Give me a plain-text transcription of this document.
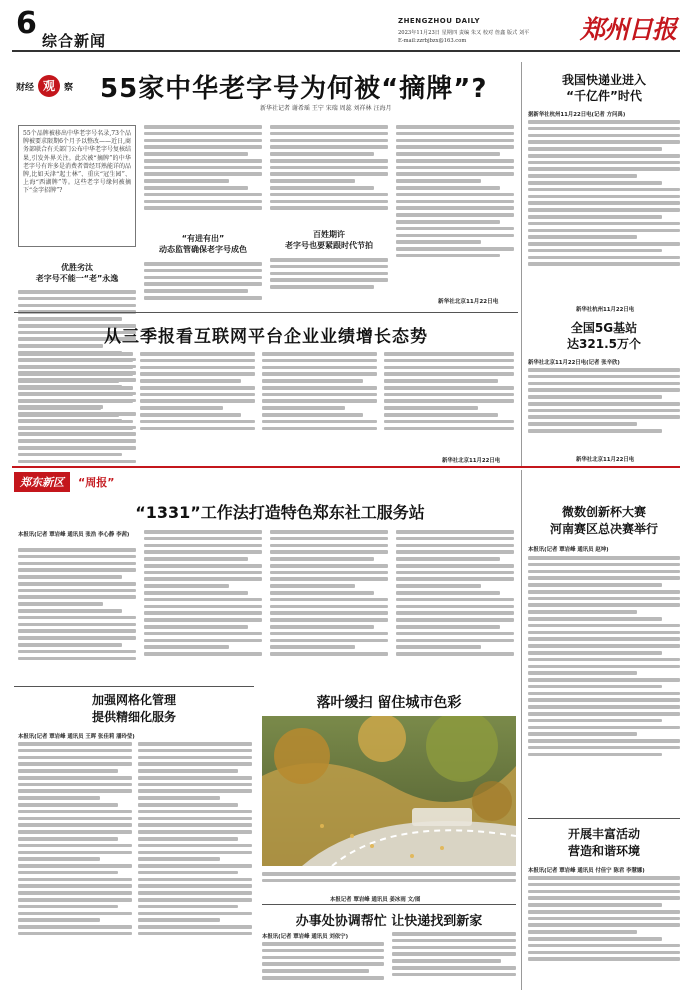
6 综合新闻
ZHENGZHOU DAILY	郑州日报
2023年11月23日 星期四 责编 朱又 校对 詹鑫 版式 刘平
E-mail:zzrbjbzx@163.com
财经 观	察 55家中华老字号为何被“摘牌”?
新华社记者 谢希瑶 王宁 宋瑞 周蕊 刘祥林 汪海月
55个品牌被移出中华老字号名录,73个品牌被要求限期6个月予以整改——近日,商务部联合有关部门公布中华老字号复核结果,引发外界关注。此次被“摘牌”的中华老字号有许多是消费者曾经耳熟能详的品牌,比如天津“起士林”、重庆“冠生园”、上海“西湖牌”等。这些老字号缘何被摘下“金字招牌”?
优胜劣汰
老字号不能一“老”永逸
“有进有出”
动态监管确保老字号成色
百姓期许
老字号也要紧跟时代节拍
新华社北京11月22日电
我国快递业进入
“千亿件”时代
据新华社杭州11月22日电(记者 方问禹)
新华社杭州11月22日电
全国5G基站
达321.5万个
新华社北京11月22日电(记者 张辛欣)
新华社北京11月22日电
从三季报看互联网平台企业业绩增长态势
新华社北京11月22日电
郑东新区	“周报”
“1331”工作法打造特色郑东社工服务站
本报讯(记者 覃岩峰 通讯员 张浩 李心静 李茜)
微数创新杯大赛
河南赛区总决赛举行
本报讯(记者 覃岩峰 通讯员 赵坤)
加强网格化管理
提供精细化服务
本报讯(记者 覃岩峰 通讯员 王晖 张佳莉 潘玲莹)
落叶缓扫 留住城市色彩
本报记者 覃岩峰 通讯员 姜冰雨 文/图
开展丰富活动
营造和谐环境
本报讯(记者 覃岩峰 通讯员 付佳宁 陈君 李慧娜)
办事处协调帮忙 让快递找到新家
本报讯(记者 覃岩峰 通讯员 刘依宁)
